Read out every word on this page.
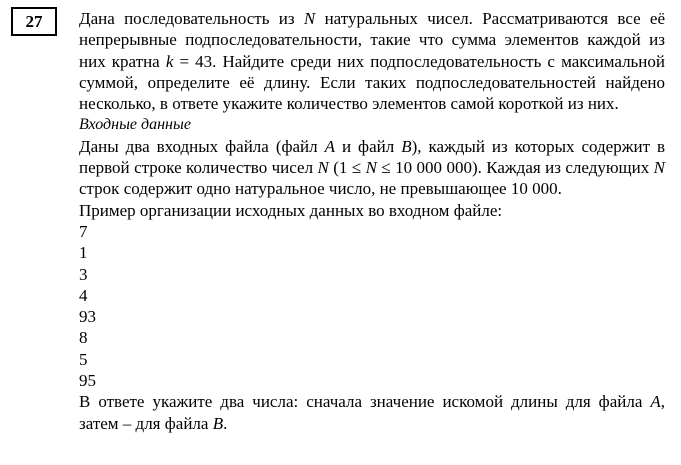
27 Дана последовательность из N натуральных чисел. Рассматриваются все её непрерывные подпоследовательности, такие что сумма элементов каждой из них кратна k = 43. Найдите среди них подпоследовательность с максимальной суммой, определите её длину. Если таких подпоследовательностей найдено несколько, в ответе укажите количество элементов самой короткой из них.

Входные данные

Даны два входных файла (файл A и файл B), каждый из которых содержит в первой строке количество чисел N (1 ≤ N ≤ 10 000 000). Каждая из следующих N строк содержит одно натуральное число, не превышающее 10 000.

Пример организации исходных данных во входном файле:

7
1
3
4
93
8
5
95

В ответе укажите два числа: сначала значение искомой длины для файла A, затем – для файла B.
